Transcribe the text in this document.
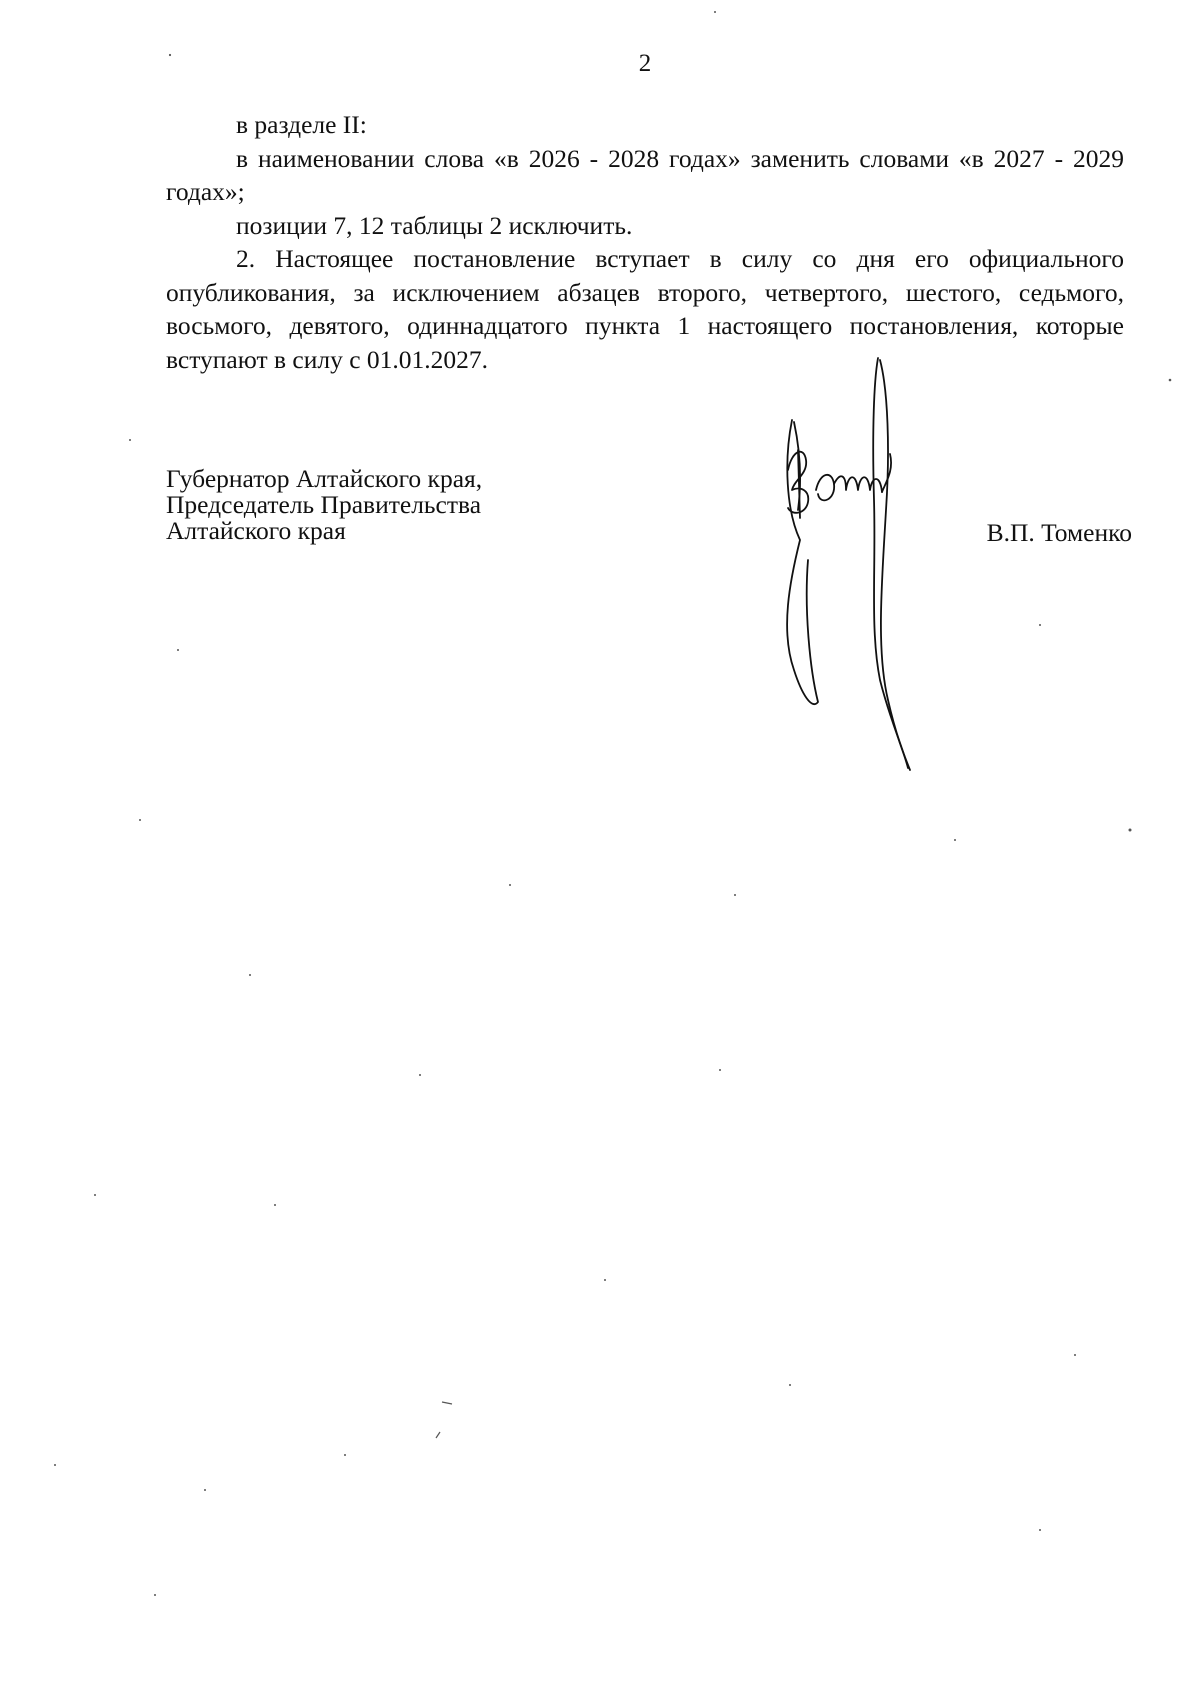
2

в разделе II:

в наименовании слова «в 2026 - 2028 годах» заменить словами «в 2027 - 2029 годах»;

позиции 7, 12 таблицы 2 исключить.

2. Настоящее постановление вступает в силу со дня его официального опубликования, за исключением абзацев второго, четвертого, шестого, седьмого, восьмого, девятого, одиннадцатого пункта 1 настоящего постановления, которые вступают в силу с 01.01.2027.

Губернатор Алтайского края,
Председатель Правительства
Алтайского края	В.П. Томенко
